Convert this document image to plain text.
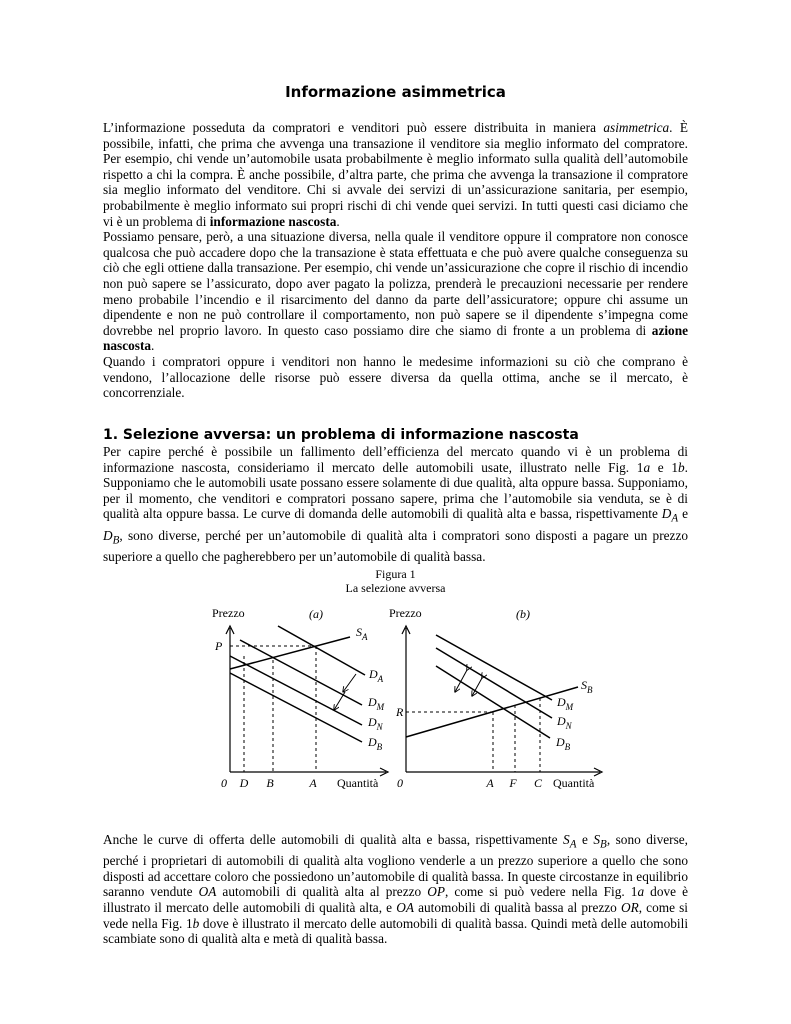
Informazione asimmetrica

L’informazione posseduta da compratori e venditori può essere distribuita in maniera asimmetrica. È possibile, infatti, che prima che avvenga una transazione il venditore sia meglio informato del compratore. Per esempio, chi vende un’automobile usata probabilmente è meglio informato sulla qualità dell’automobile rispetto a chi la compra. È anche possibile, d’altra parte, che prima che avvenga la transazione il compratore sia meglio informato del venditore. Chi si avvale dei servizi di un’assicurazione sanitaria, per esempio, probabilmente è meglio informato sui propri rischi di chi vende quei servizi. In tutti questi casi diciamo che vi è un problema di informazione nascosta.

Possiamo pensare, però, a una situazione diversa, nella quale il venditore oppure il compratore non conosce qualcosa che può accadere dopo che la transazione è stata effettuata e che può avere qualche conseguenza su ciò che egli ottiene dalla transazione. Per esempio, chi vende un’assicurazione che copre il rischio di incendio non può sapere se l’assicurato, dopo aver pagato la polizza, prenderà le precauzioni necessarie per rendere meno probabile l’incendio e il risarcimento del danno da parte dell’assicuratore; oppure chi assume un dipendente e non ne può controllare il comportamento, non può sapere se il dipendente s’impegna come dovrebbe nel proprio lavoro. In questo caso possiamo dire che siamo di fronte a un problema di azione nascosta.

Quando i compratori oppure i venditori non hanno le medesime informazioni su ciò che comprano è vendono, l’allocazione delle risorse può essere diversa da quella ottima, anche se il mercato, è concorrenziale.

1. Selezione avversa: un problema di informazione nascosta

Per capire perché è possibile un fallimento dell’efficienza del mercato quando vi è un problema di informazione nascosta, consideriamo il mercato delle automobili usate, illustrato nelle Fig. 1a e 1b. Supponiamo che le automobili usate possano essere solamente di due qualità, alta oppure bassa. Supponiamo, per il momento, che venditori e compratori possano sapere, prima che l’automobile sia venduta, se è di qualità alta oppure bassa. Le curve di domanda delle automobili di qualità alta e bassa, rispettivamente $D_A$ e $D_B$, sono diverse, perché per un’automobile di qualità alta i compratori sono disposti a pagare un prezzo superiore a quello che pagherebbero per un’automobile di qualità bassa.

Figura 1
La selezione avversa
Prezzo	(a)
P
$S_A$
$D_A$
$D_M$
$D_N$
$D_B$
0 D B	A Quantità
Prezzo	(b)
R
$S_B$
$D_M$
$D_N$
$D_B$
0	A F C Quantità

Anche le curve di offerta delle automobili di qualità alta e bassa, rispettivamente $S_A$ e $S_B$, sono diverse, perché i proprietari di automobili di qualità alta vogliono venderle a un prezzo superiore a quello che sono disposti ad accettare coloro che possiedono un’automobile di qualità bassa. In queste circostanze in equilibrio saranno vendute OA automobili di qualità alta al prezzo OP, come si può vedere nella Fig. 1a dove è illustrato il mercato delle automobili di qualità alta, e OA automobili di qualità bassa al prezzo OR, come si vede nella Fig. 1b dove è illustrato il mercato delle automobili di qualità bassa. Quindi metà delle automobili scambiate sono di qualità alta e metà di qualità bassa.
